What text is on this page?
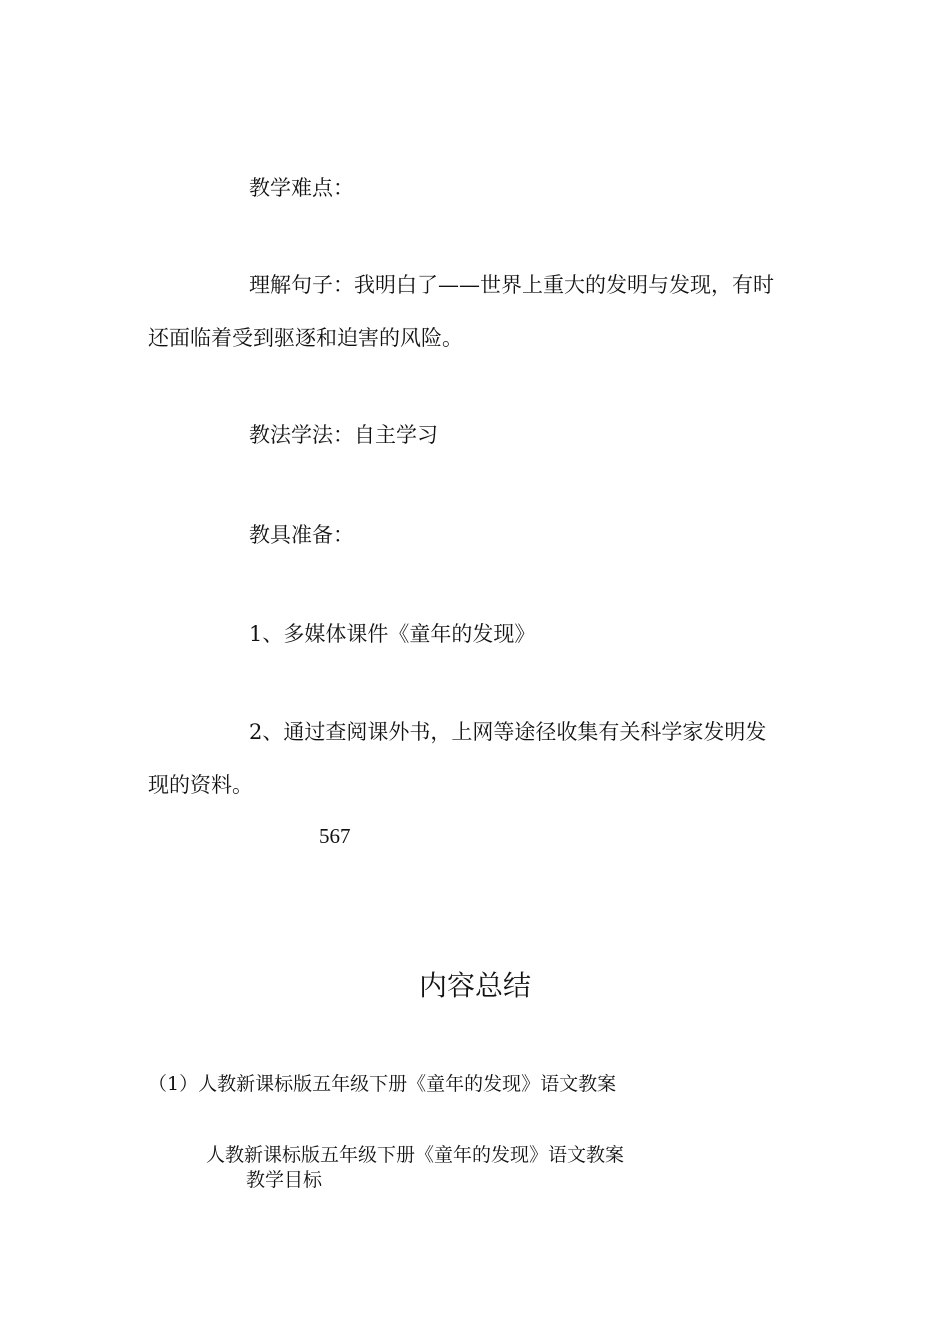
教学难点：
理解句子：我明白了——世界上重大的发明与发现，有时
还面临着受到驱逐和迫害的风险。
教法学法：自主学习
教具准备：
1、多媒体课件《童年的发现》
2、通过查阅课外书，上网等途径收集有关科学家发明发
现的资料。
567
内容总结
（1）人教新课标版五年级下册《童年的发现》语文教案
人教新课标版五年级下册《童年的发现》语文教案
教学目标
